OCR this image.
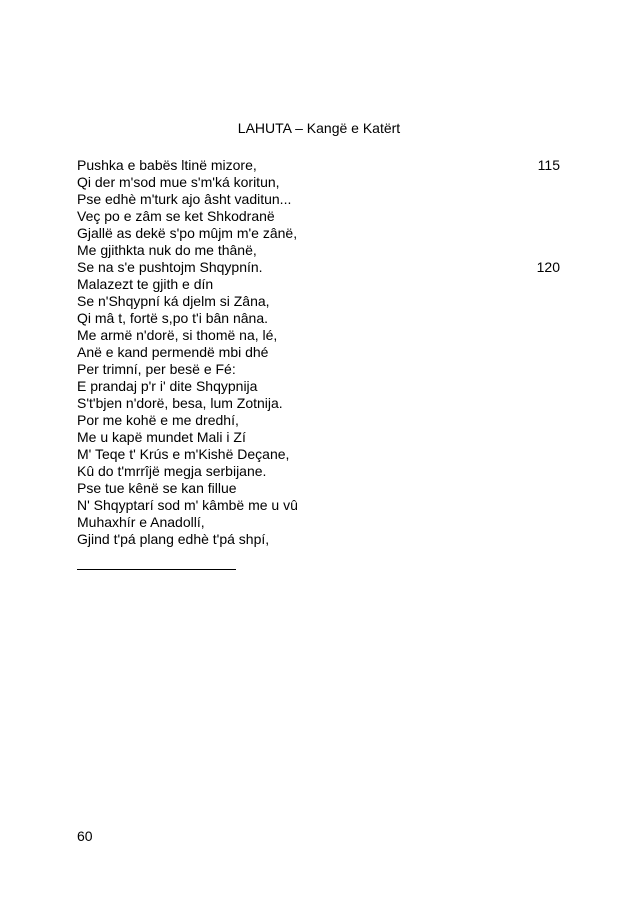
LAHUTA – Kangë e Katërt
Pushka e babës ltinë mizore,
Qi der m'sod mue s'm'ká koritun,
Pse edhè m'turk ajo âsht vaditun...
Veç po e zâm se ket Shkodranë
Gjallë as dekë s'po mûjm m'e zânë,
Me gjithkta nuk do me thânë,
Se na s'e pushtojm Shqypnín.
Malazezt te gjith e dín
Se n'Shqypní ká djelm si Zâna,
Qi mâ t, fortë s,po t'i bân nâna.
Me armë n'dorë, si thomë na, lé,
Anë e kand permendë mbi dhé
Per trimní, per besë e Fé:
E prandaj p'r i' dite Shqypnija
S't'bjen n'dorë, besa, lum Zotnija.
Por me kohë e me dredhí,
Me u kapë mundet Mali i Zí
M' Teqe t' Krús e m'Kishë Deçane,
Kû do t'mrrîjë megja serbijane.
Pse tue kênë se kan fillue
N' Shqyptarí sod m' kâmbë me u vû
Muhaxhír e Anadollí,
Gjind t'pá plang edhè t'pá shpí,
115
120
60
